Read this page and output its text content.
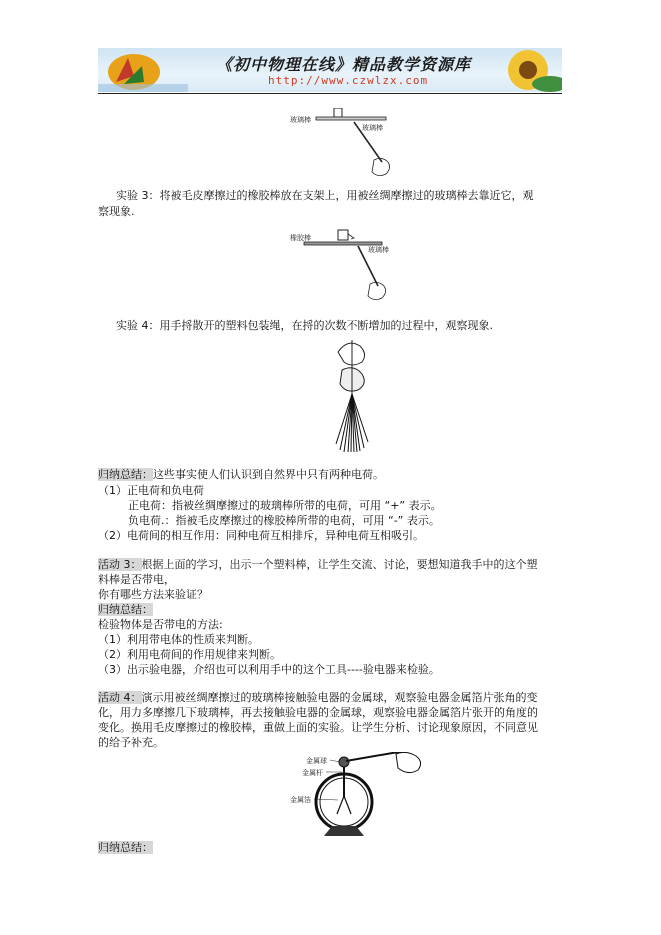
《初中物理在线》精品教学资源库
http://www.czwlzx.com
玻璃棒
玻璃棒
实验 3：将被毛皮摩擦过的橡胶棒放在支架上，用被丝绸摩擦过的玻璃棒去靠近它，观
察现象.
橡胶棒
玻璃棒
实验 4：用手捋散开的塑料包装绳，在捋的次数不断增加的过程中，观察现象.
归纳总结：这些事实使人们认识到自然界中只有两种电荷。
（1）正电荷和负电荷
正电荷：指被丝绸摩擦过的玻璃棒所带的电荷，可用 “+” 表示。
负电荷.：指被毛皮摩擦过的橡胶棒所带的电荷，可用 “-” 表示。
（2）电荷间的相互作用：同种电荷互相排斥，异种电荷互相吸引。
活动 3：根据上面的学习，出示一个塑料棒，让学生交流、讨论，要想知道我手中的这个塑
料棒是否带电，
你有哪些方法来验证？
归纳总结：
检验物体是否带电的方法:
（1）利用带电体的性质来判断。
（2）利用电荷间的作用规律来判断。
（3）出示验电器，介绍也可以利用手中的这个工具----验电器来检验。
活动 4：演示用被丝绸摩擦过的玻璃棒接触验电器的金属球，观察验电器金属箔片张角的变
化，用力多摩擦几下玻璃棒，再去接触验电器的金属球，观察验电器金属箔片张开的角度的
变化。换用毛皮摩擦过的橡胶棒，重做上面的实验。让学生分析、讨论现象原因，不同意见
的给予补充。
金属球
金属杆
金属箔
归纳总结：
